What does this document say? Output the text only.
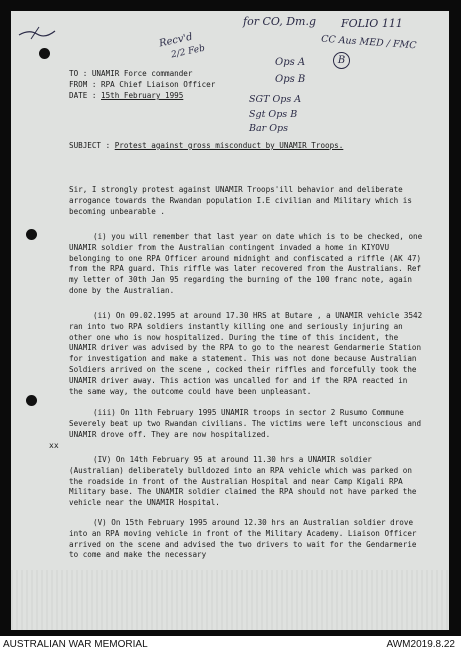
for CO, Dm.g FOLIO 111
Recv'd
2/2 Feb
CC Aus MED / FMC
B
Ops A
Ops B
SGT Ops A
Sgt Ops B
Bar Ops
TO : UNAMIR Force commander
FROM : RPA Chief Liaison Officer
DATE : 15th February 1995
SUBJECT : Protest against gross misconduct by UNAMIR Troops.
Sir, I strongly protest against UNAMIR Troops'ill behavior and deliberate arrogance towards the Rwandan population I.E civilian and Military which is becoming unbearable .
(i) you will remember that last year on date which is to be checked, one UNAMIR soldier from the Australian contingent invaded a home in KIYOVU belonging to one RPA Officer around midnight and confiscated a riffle (AK 47) from the RPA guard. This riffle was later recovered from the Australians. Ref my letter of 30th Jan 95 regarding the burning of the 100 franc note, again done by the Australian.
(ii) On 09.02.1995 at around 17.30 HRS at Butare , a UNAMIR vehicle 3542 ran into two RPA soldiers instantly killing one and seriously injuring an other one who is now hospitalized. During the time of this incident, the UNAMIR driver was advised by the RPA to go to the nearest Gendarmerie Station for investigation and make a statement. This was not done because Australian Soldiers arrived on the scene , cocked their riffles and forcefully took the UNAMIR driver away. This action was uncalled for and if the RPA reacted in the same way, the outcome could have been unpleasant.
(iii) On 11th February 1995 UNAMIR troops in sector 2 Rusumo Commune Severely beat up two Rwandan civilians. The victims were left unconscious and UNAMIR drove off. They are now hospitalized.
(IV) On 14th February 95 at around 11.30 hrs a UNAMIR soldier (Australian) deliberately bulldozed into an RPA vehicle which was parked on the roadside in front of the Australian Hospital and near Camp Kigali RPA Military base. The UNAMIR soldier claimed the RPA should not have parked the vehicle near the UNAMIR Hospital.
(V) On 15th February 1995 around 12.30 hrs an Australian soldier drove into an RPA moving vehicle in front of the Military Academy. Liaison Officer arrived on the scene and advised the two drivers to wait for the Gendarmerie to come and make the necessary
xx
AUSTRALIAN WAR MEMORIAL	AWM2019.8.22
